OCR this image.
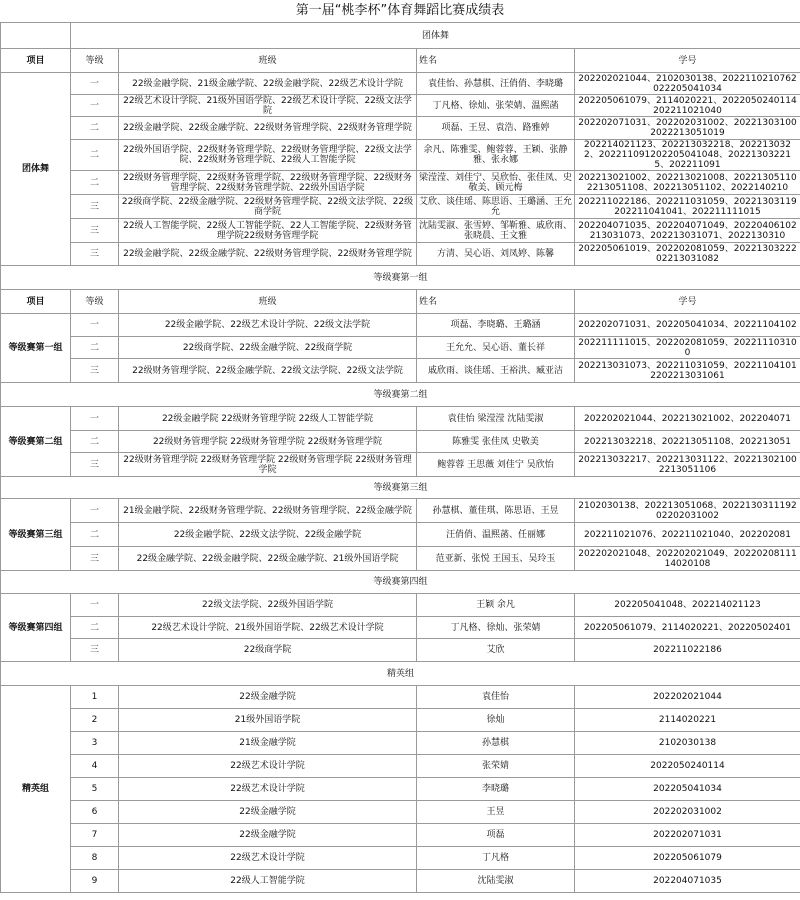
第一届“桃李杯”体育舞蹈比赛成绩表
	团体舞			
项目	等级	班级	姓名	学号
团体舞	一	22级金融学院、21级金融学院、22级金融学院、22级艺术设计学院	袁佳怡、孙慧棋、汪俏俏、李晓璐	202202021044、2102030138、2022110210762022205041034
	一	22级艺术设计学院、21级外国语学院、22级艺术设计学院、22级文法学院	丁凡格、徐灿、张荣婧、温熙菡	202205061079、2114020221、2022050240114202211021040
	二	22级金融学院、22级金融学院、22级财务管理学院、22级财务管理学院	项磊、王昱、袁浩、路雅婷	202202071031、202202031002、202213031002022213051019
	二	22级外国语学院、22级财务管理学院、22级财务管理学院、22级文法学院、22级财务管理学院、22级人工智能学院	余凡、陈雅雯、鲍蓉蓉、王颖、张静雅、张永娜	202214021123、202213032218、2022130322、202211091202205041048、202213032215、202211091
	二	22级财务管理学院、22级财务管理学院、22级财务管理学院、22级财务管理学院、22级财务管理学院、22级外国语学院	梁滢滢、刘佳宁、吴欣怡、张佳凤、史敬美、顾元梅	202213021002、202213021008、202213051102213051108、202213051102、2022140210
	三	22级商学院、22级金融学院、22级财务管理学院、22级文法学院、22级商学院	艾欣、谈佳瑶、陈思语、王璐涵、王允允	202211022186、202211031059、20221303119202211041041、202211111015
	三	22级人工智能学院、22级人工智能学院、22人工智能学院、22级财务管理学院22级财务管理学院	沈陆雯淑、张雪婷、邹靳雅、戚欣雨、张晓晨、王文雅	202204071035、202204071049、20220406102213031073、202213031071、2022130310
	三	22级金融学院、22级金融学院、22级财务管理学院、22级财务管理学院	方清、吴心语、刘凤婷、陈馨	202205061019、202202081059、2022130322202213031082
等级赛第一组				
项目	等级	班级	姓名	学号
等级赛第一组	一	22级金融学院、22级艺术设计学院、22级文法学院	项磊、李晓璐、王璐涵	202202071031、202205041034、20221104102
	二	22级商学院、22级金融学院、22级商学院	王允允、吴心语、董长祥	202211111015、202202081059、202211103100
	三	22级财务管理学院、22级金融学院、22级文法学院、22级文法学院	戚欣雨、谈佳瑶、王裕洪、臧亚洁	202213031073、202211031059、202211041012202213031061
等级赛第二组				
等级赛第二组	一	22级金融学院 22级财务管理学院 22级人工智能学院	袁佳怡 梁滢滢 沈陆雯淑	202202021044、202213021002、202204071
	二	22级财务管理学院 22级财务管理学院 22级财务管理学院	陈雅雯 张佳凤 史敬美	202213032218、202213051108、202213051
	三	22级财务管理学院 22级财务管理学院 22级财务管理学院 22级财务管理学院	鲍蓉蓉 王思薇 刘佳宁 吴欣怡	202213032217、202213031122、202213021002213051106
等级赛第三组				
等级赛第三组	一	21级金融学院、22级财务管理学院、22级财务管理学院、22级金融学院	孙慧棋、董佳琪、陈思语、王昱	2102030138、202213051068、202213031119202202031002
	二	22级金融学院、22级文法学院、22级金融学院	汪俏俏、温熙菡、任丽娜	202211021076、202211021040、202202081
	三	22级金融学院、22级金融学院、22级金融学院、21级外国语学院	范亚新、张悦 王国玉、吴玲玉	202202021048、202202021049、2022020811114020108
等级赛第四组				
等级赛第四组	一	22级文法学院、22级外国语学院	王颖 余凡	202205041048、202214021123
	二	22级艺术设计学院、21级外国语学院、22级艺术设计学院	丁凡格、徐灿、张荣婧	202205061079、2114020221、20220502401
	三	22级商学院	艾欣	202211022186
精英组				
精英组	1	22级金融学院	袁佳怡	202202021044
	2	21级外国语学院	徐灿	2114020221
	3	21级金融学院	孙慧棋	2102030138
	4	22级艺术设计学院	张荣婧	2022050240114
	5	22级艺术设计学院	李晓璐	202205041034
	6	22级金融学院	王昱	202202031002
	7	22级金融学院	项磊	202202071031
	8	22级艺术设计学院	丁凡格	202205061079
	9	22级人工智能学院	沈陆雯淑	202204071035
